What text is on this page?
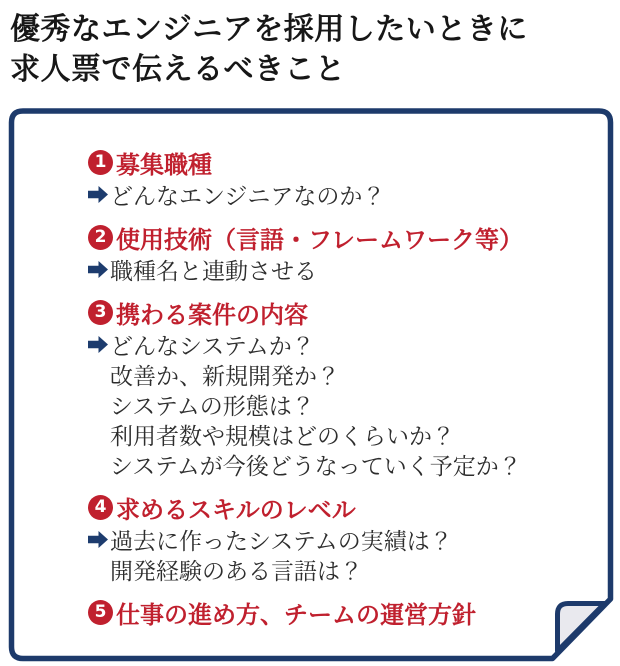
優秀なエンジニアを採用したいときに
求人票で伝えるべきこと
1 募集職種
どんなエンジニアなのか？
2 使用技術（言語・フレームワーク等）
職種名と連動させる
3 携わる案件の内容
どんなシステムか？
改善か、新規開発か？
システムの形態は？
利用者数や規模はどのくらいか？
システムが今後どうなっていく予定か？
4 求めるスキルのレベル
過去に作ったシステムの実績は？
開発経験のある言語は？
5 仕事の進め方、チームの運営方針
